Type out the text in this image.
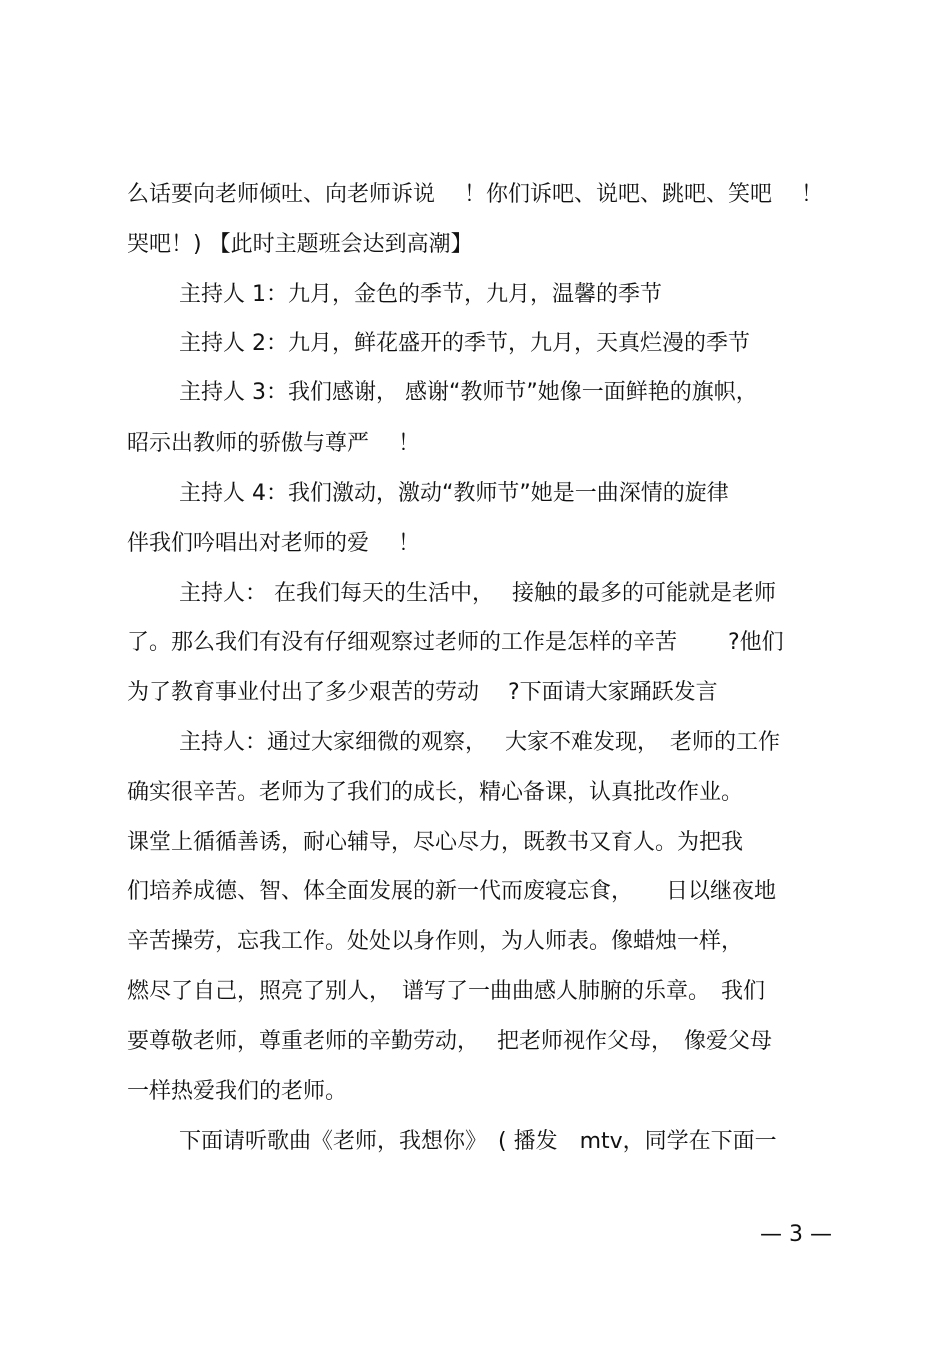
么话要向老师倾吐、向老师诉说　 ！你们诉吧、说吧、跳吧、笑吧　 ！
哭吧！) 【此时主题班会达到高潮】
主持人 1：九月，金色的季节，九月，温馨的季节
主持人 2：九月，鲜花盛开的季节，九月，天真烂漫的季节
主持人 3：我们感谢， 感谢“教师节”她像一面鲜艳的旗帜，
昭示出教师的骄傲与尊严　 ！
主持人 4：我们激动，激动“教师节”她是一曲深情的旋律
伴我们吟唱出对老师的爱　 ！
主持人： 在我们每天的生活中，　 接触的最多的可能就是老师
了。那么我们有没有仔细观察过老师的工作是怎样的辛苦　　 ?他们
为了教育事业付出了多少艰苦的劳动　 ?下面请大家踊跃发言
主持人：通过大家细微的观察，　 大家不难发现，　老师的工作
确实很辛苦。老师为了我们的成长，精心备课，认真批改作业。
课堂上循循善诱，耐心辅导，尽心尽力，既教书又育人。为把我
们培养成德、智、体全面发展的新一代而废寝忘食，　　日以继夜地
辛苦操劳，忘我工作。处处以身作则，为人师表。像蜡烛一样，
燃尽了自己，照亮了别人，　谱写了一曲曲感人肺腑的乐章。　我们
要尊敬老师，尊重老师的辛勤劳动，　 把老师视作父母，　像爱父母
一样热爱我们的老师。
下面请听歌曲《老师，我想你》　( 播发　mtv，同学在下面一
— 3 —
